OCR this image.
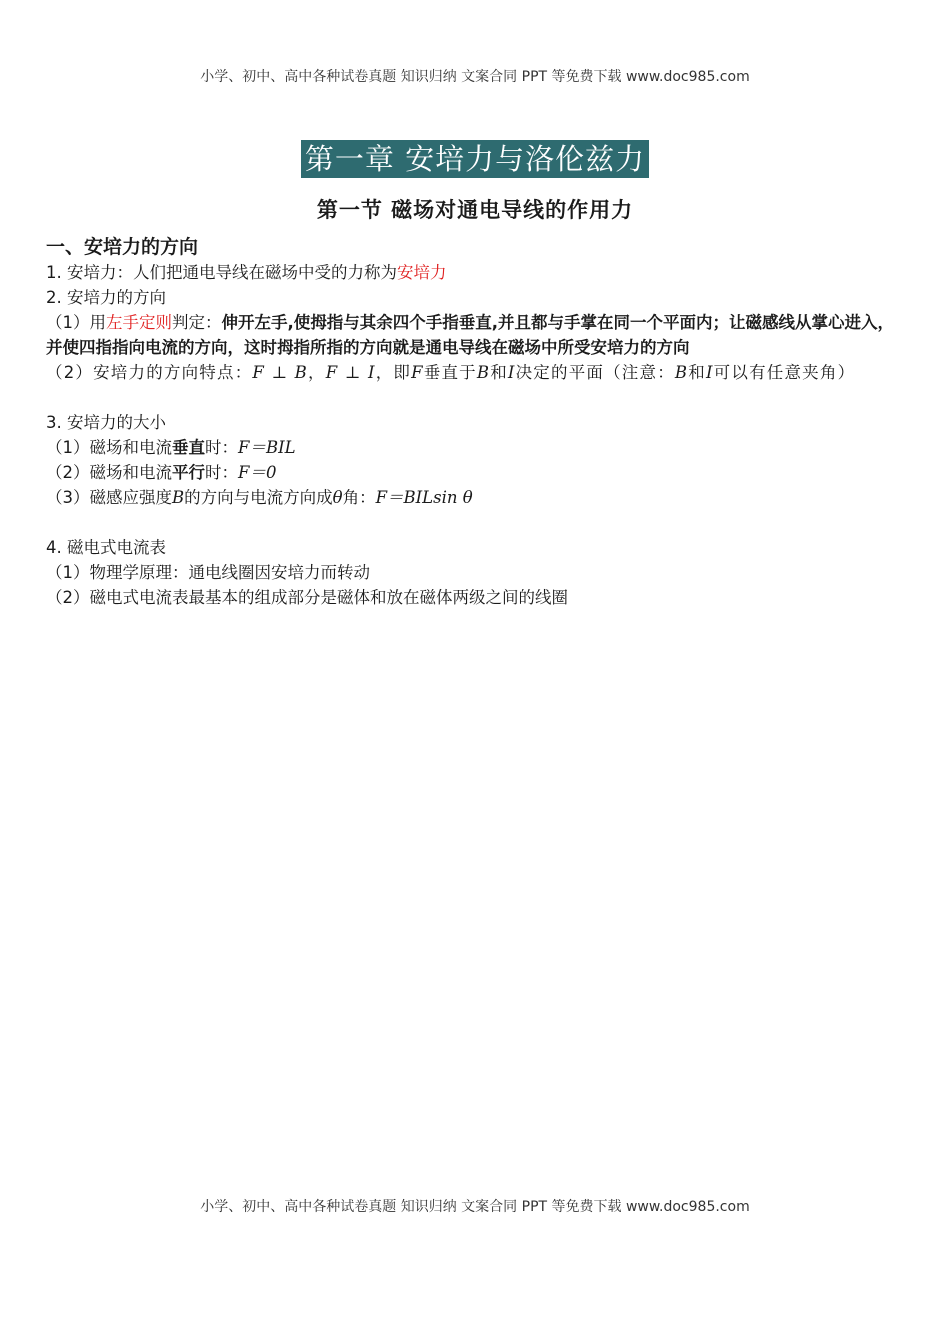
小学、初中、高中各种试卷真题 知识归纳 文案合同 PPT 等免费下载 www.doc985.com
第一章 安培力与洛伦兹力
第一节 磁场对通电导线的作用力
一、安培力的方向
1. 安培力：人们把通电导线在磁场中受的力称为安培力
2. 安培力的方向
（1）用左手定则判定：伸开左手,使拇指与其余四个手指垂直,并且都与手掌在同一个平面内；让磁感线从掌心进入，并使四指指向电流的方向，这时拇指所指的方向就是通电导线在磁场中所受安培力的方向
（2）安培力的方向特点：F ⊥ B，F ⊥ I，即F垂直于B和I决定的平面（注意：B和I可以有任意夹角）
3. 安培力的大小
（1）磁场和电流垂直时：F＝BIL
（2）磁场和电流平行时：F＝0
（3）磁感应强度B的方向与电流方向成θ角：F＝BILsin θ
4. 磁电式电流表
（1）物理学原理：通电线圈因安培力而转动
（2）磁电式电流表最基本的组成部分是磁体和放在磁体两级之间的线圈
小学、初中、高中各种试卷真题 知识归纳 文案合同 PPT 等免费下载 www.doc985.com
